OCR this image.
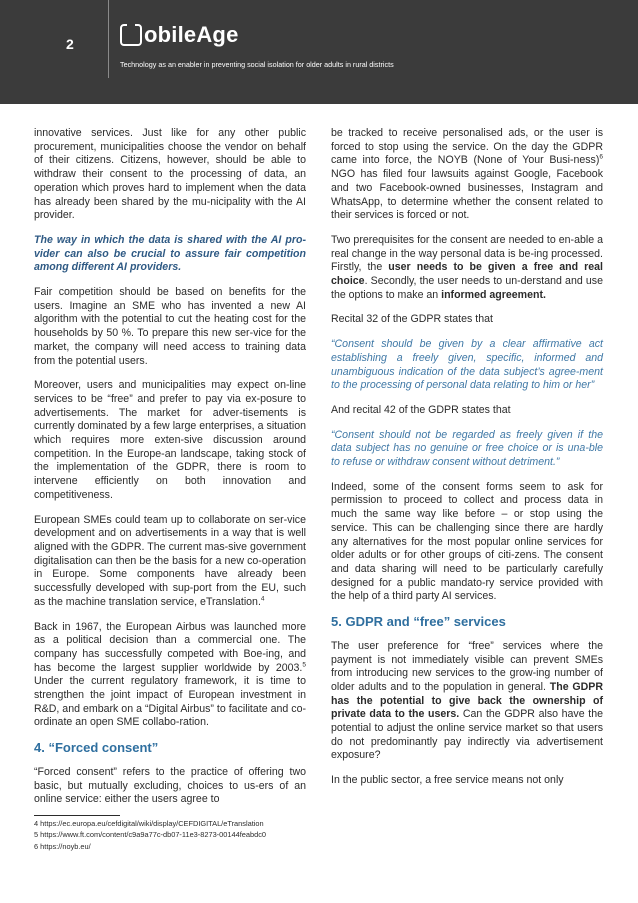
2	obileAge
Technology as an enabler in preventing social isolation for older adults in rural districts

innovative services. Just like for any other public procurement, municipalities choose the vendor on behalf of their citizens. Citizens, however, should be able to withdraw their consent to the processing of data, an operation which proves hard to implement when the data has already been shared by the mu-nicipality with the AI provider.

The way in which the data is shared with the AI pro-vider can also be crucial to assure fair competition among different AI providers.

Fair competition should be based on benefits for the users. Imagine an SME who has invented a new AI algorithm with the potential to cut the heating cost for the households by 50 %. To prepare this new ser-vice for the market, the company will need access to training data from the potential users.

Moreover, users and municipalities may expect on-line services to be “free” and prefer to pay via ex-posure to advertisements. The market for adver-tisements is currently dominated by a few large enterprises, a situation which requires more exten-sive discussion around competition. In the Europe-an landscape, taking stock of the implementation of the GDPR, there is room to intervene efficiently on both innovation and competitiveness.

European SMEs could team up to collaborate on ser-vice development and on advertisements in a way that is well aligned with the GDPR. The current mas-sive government digitalisation can then be the basis for a new co-operation in Europe. Some components have already been successfully developed with sup-port from the EU, such as the machine translation service, eTranslation.$^4$

Back in 1967, the European Airbus was launched more as a political decision than a commercial one. The company has successfully competed with Boe-ing, and has become the largest supplier worldwide by 2003.$^5$ Under the current regulatory framework, it is time to strengthen the joint impact of European investment in R&D, and embark on a “Digital Airbus” to facilitate and co-ordinate an open SME collabo-ration.

4. “Forced consent”

“Forced consent” refers to the practice of offering two basic, but mutually excluding, choices to us-ers of an online service: either the users agree to

be tracked to receive personalised ads, or the user is forced to stop using the service. On the day the GDPR came into force, the NOYB (None of Your Busi-ness)$^6$ NGO has filed four lawsuits against Google, Facebook and two Facebook-owned businesses, Instagram and WhatsApp, to determine whether the consent related to their services is forced or not.

Two prerequisites for the consent are needed to en-able a real change in the way personal data is be-ing processed. Firstly, the user needs to be given a free and real choice. Secondly, the user needs to un-derstand and use the options to make an informed agreement.

Recital 32 of the GDPR states that

“Consent should be given by a clear affirmative act establishing a freely given, specific, informed and unambiguous indication of the data subject’s agree-ment to the processing of personal data relating to him or her”

And recital 42 of the GDPR states that

“Consent should not be regarded as freely given if the data subject has no genuine or free choice or is una-ble to refuse or withdraw consent without detriment.”

Indeed, some of the consent forms seem to ask for permission to proceed to collect and process data in much the same way like before – or stop using the service. This can be challenging since there are hardly any alternatives for the most popular online services for older adults or for other groups of citi-zens. The consent and data sharing will need to be particularly carefully designed for a public mandato-ry service provided with the help of a third party AI services.

5. GDPR and “free” services

The user preference for “free” services where the payment is not immediately visible can prevent SMEs from introducing new services to the grow-ing number of older adults and to the population in general. The GDPR has the potential to give back the ownership of private data to the users. Can the GDPR also have the potential to adjust the online service market so that users do not predominantly pay indirectly via advertisement exposure?

In the public sector, a free service means not only

4 https://ec.europa.eu/cefdigital/wiki/display/CEFDIGITAL/eTranslation
5 https://www.ft.com/content/c9a9a77c-db07-11e3-8273-00144feabdc0
6 https://noyb.eu/
